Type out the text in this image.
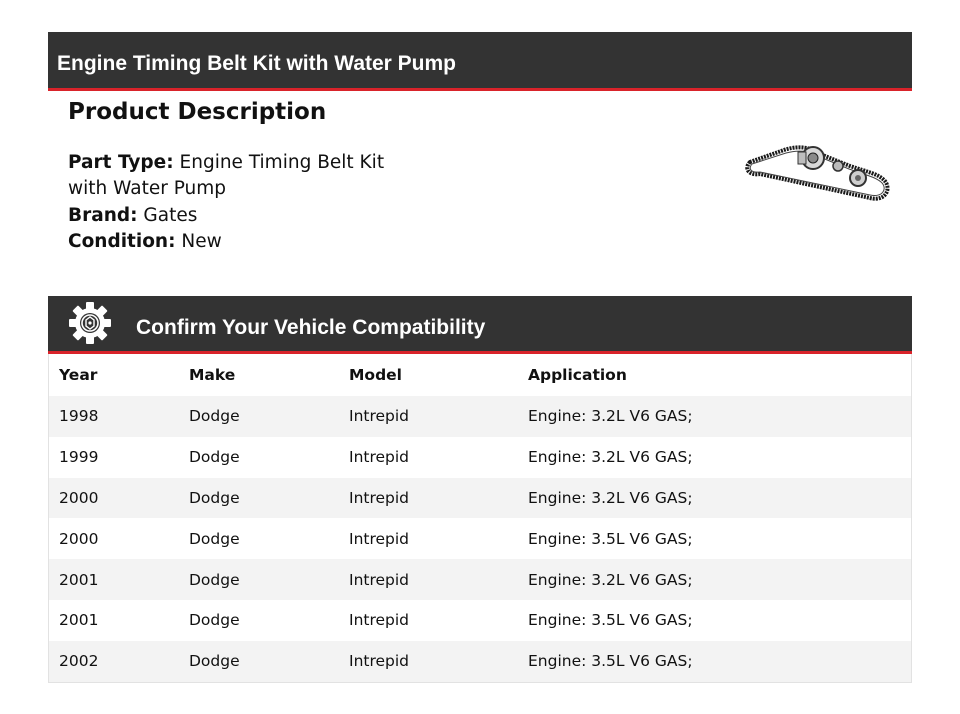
Engine Timing Belt Kit with Water Pump
Product Description
Part Type: Engine Timing Belt Kit with Water Pump
Brand: Gates
Condition: New
Confirm Your Vehicle Compatibility
Year	Make	Model	Application
1998	Dodge	Intrepid	Engine: 3.2L V6 GAS;
1999	Dodge	Intrepid	Engine: 3.2L V6 GAS;
2000	Dodge	Intrepid	Engine: 3.2L V6 GAS;
2000	Dodge	Intrepid	Engine: 3.5L V6 GAS;
2001	Dodge	Intrepid	Engine: 3.2L V6 GAS;
2001	Dodge	Intrepid	Engine: 3.5L V6 GAS;
2002	Dodge	Intrepid	Engine: 3.5L V6 GAS;
